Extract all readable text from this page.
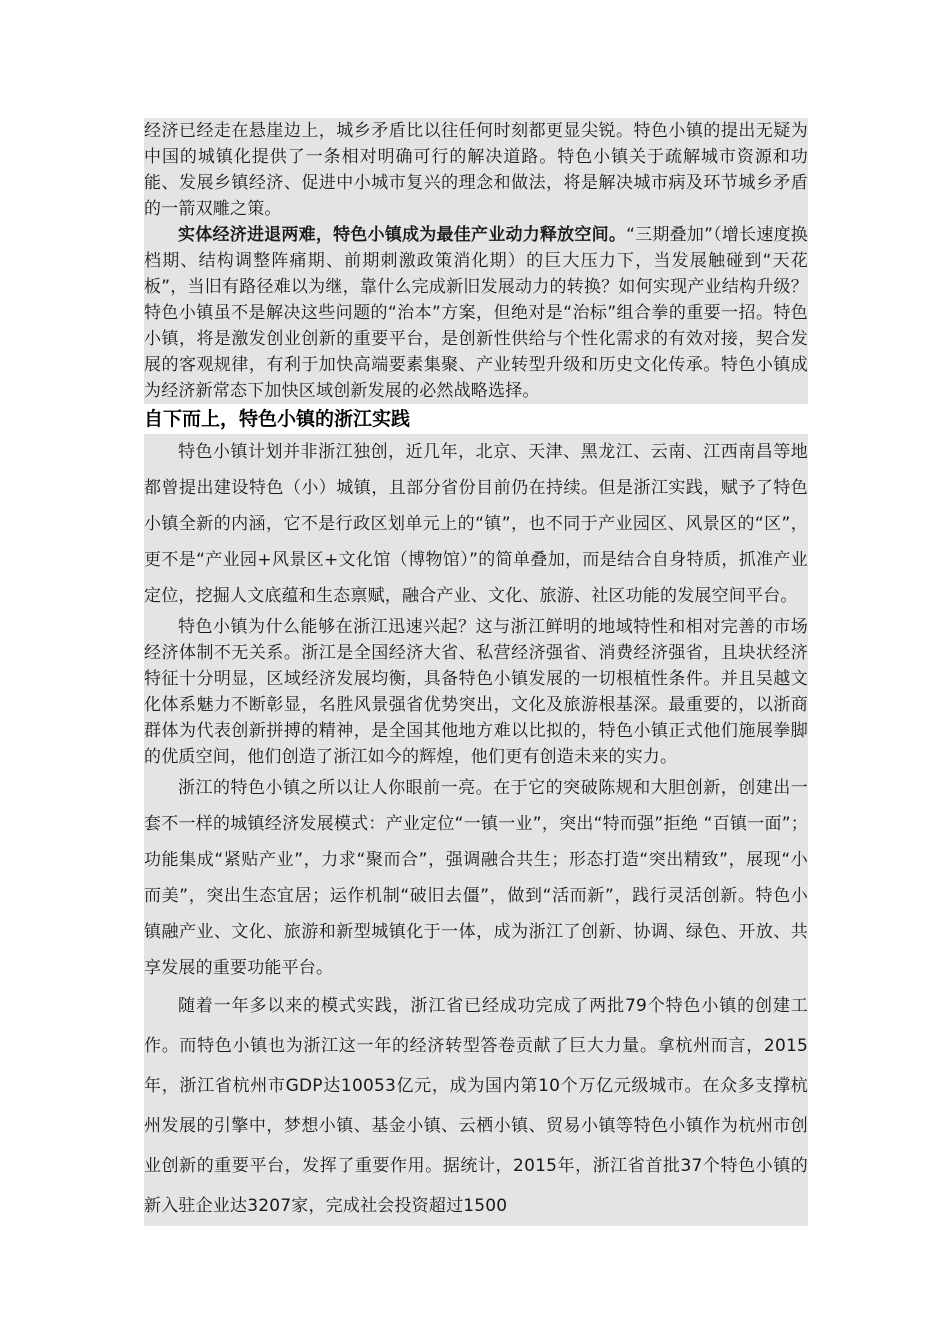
经济已经走在悬崖边上，城乡矛盾比以往任何时刻都更显尖锐。特色小镇的提出无疑为中国的城镇化提供了一条相对明确可行的解决道路。特色小镇关于疏解城市资源和功能、发展乡镇经济、促进中小城市复兴的理念和做法，将是解决城市病及环节城乡矛盾的一箭双雕之策。

实体经济进退两难，特色小镇成为最佳产业动力释放空间。“三期叠加”（增长速度换档期、结构调整阵痛期、前期刺激政策消化期）的巨大压力下，当发展触碰到“天花板”，当旧有路径难以为继，靠什么完成新旧发展动力的转换？如何实现产业结构升级？特色小镇虽不是解决这些问题的“治本”方案，但绝对是“治标”组合拳的重要一招。特色小镇，将是激发创业创新的重要平台，是创新性供给与个性化需求的有效对接，契合发展的客观规律，有利于加快高端要素集聚、产业转型升级和历史文化传承。特色小镇成为经济新常态下加快区域创新发展的必然战略选择。

自下而上，特色小镇的浙江实践

特色小镇计划并非浙江独创，近几年，北京、天津、黑龙江、云南、江西南昌等地都曾提出建设特色（小）城镇，且部分省份目前仍在持续。但是浙江实践，赋予了特色小镇全新的内涵，它不是行政区划单元上的“镇”，也不同于产业园区、风景区的“区”，更不是“产业园+风景区+文化馆（博物馆）”的简单叠加，而是结合自身特质，抓准产业定位，挖掘人文底蕴和生态禀赋，融合产业、文化、旅游、社区功能的发展空间平台。

特色小镇为什么能够在浙江迅速兴起？这与浙江鲜明的地域特性和相对完善的市场经济体制不无关系。浙江是全国经济大省、私营经济强省、消费经济强省，且块状经济特征十分明显，区域经济发展均衡，具备特色小镇发展的一切根植性条件。并且吴越文化体系魅力不断彰显，名胜风景强省优势突出，文化及旅游根基深。最重要的，以浙商群体为代表创新拼搏的精神，是全国其他地方难以比拟的，特色小镇正式他们施展拳脚的优质空间，他们创造了浙江如今的辉煌，他们更有创造未来的实力。

浙江的特色小镇之所以让人你眼前一亮。在于它的突破陈规和大胆创新，创建出一套不一样的城镇经济发展模式：产业定位“一镇一业”，突出“特而强”拒绝 “百镇一面”；功能集成“紧贴产业”，力求“聚而合”，强调融合共生；形态打造“突出精致”，展现“小而美”，突出生态宜居；运作机制“破旧去僵”，做到“活而新”，践行灵活创新。特色小镇融产业、文化、旅游和新型城镇化于一体，成为浙江了创新、协调、绿色、开放、共享发展的重要功能平台。

随着一年多以来的模式实践，浙江省已经成功完成了两批79个特色小镇的创建工作。而特色小镇也为浙江这一年的经济转型答卷贡献了巨大力量。拿杭州而言，2015年，浙江省杭州市GDP达10053亿元，成为国内第10个万亿元级城市。在众多支撑杭州发展的引擎中，梦想小镇、基金小镇、云栖小镇、贸易小镇等特色小镇作为杭州市创业创新的重要平台，发挥了重要作用。据统计，2015年，浙江省首批37个特色小镇的新入驻企业达3207家，完成社会投资超过1500
